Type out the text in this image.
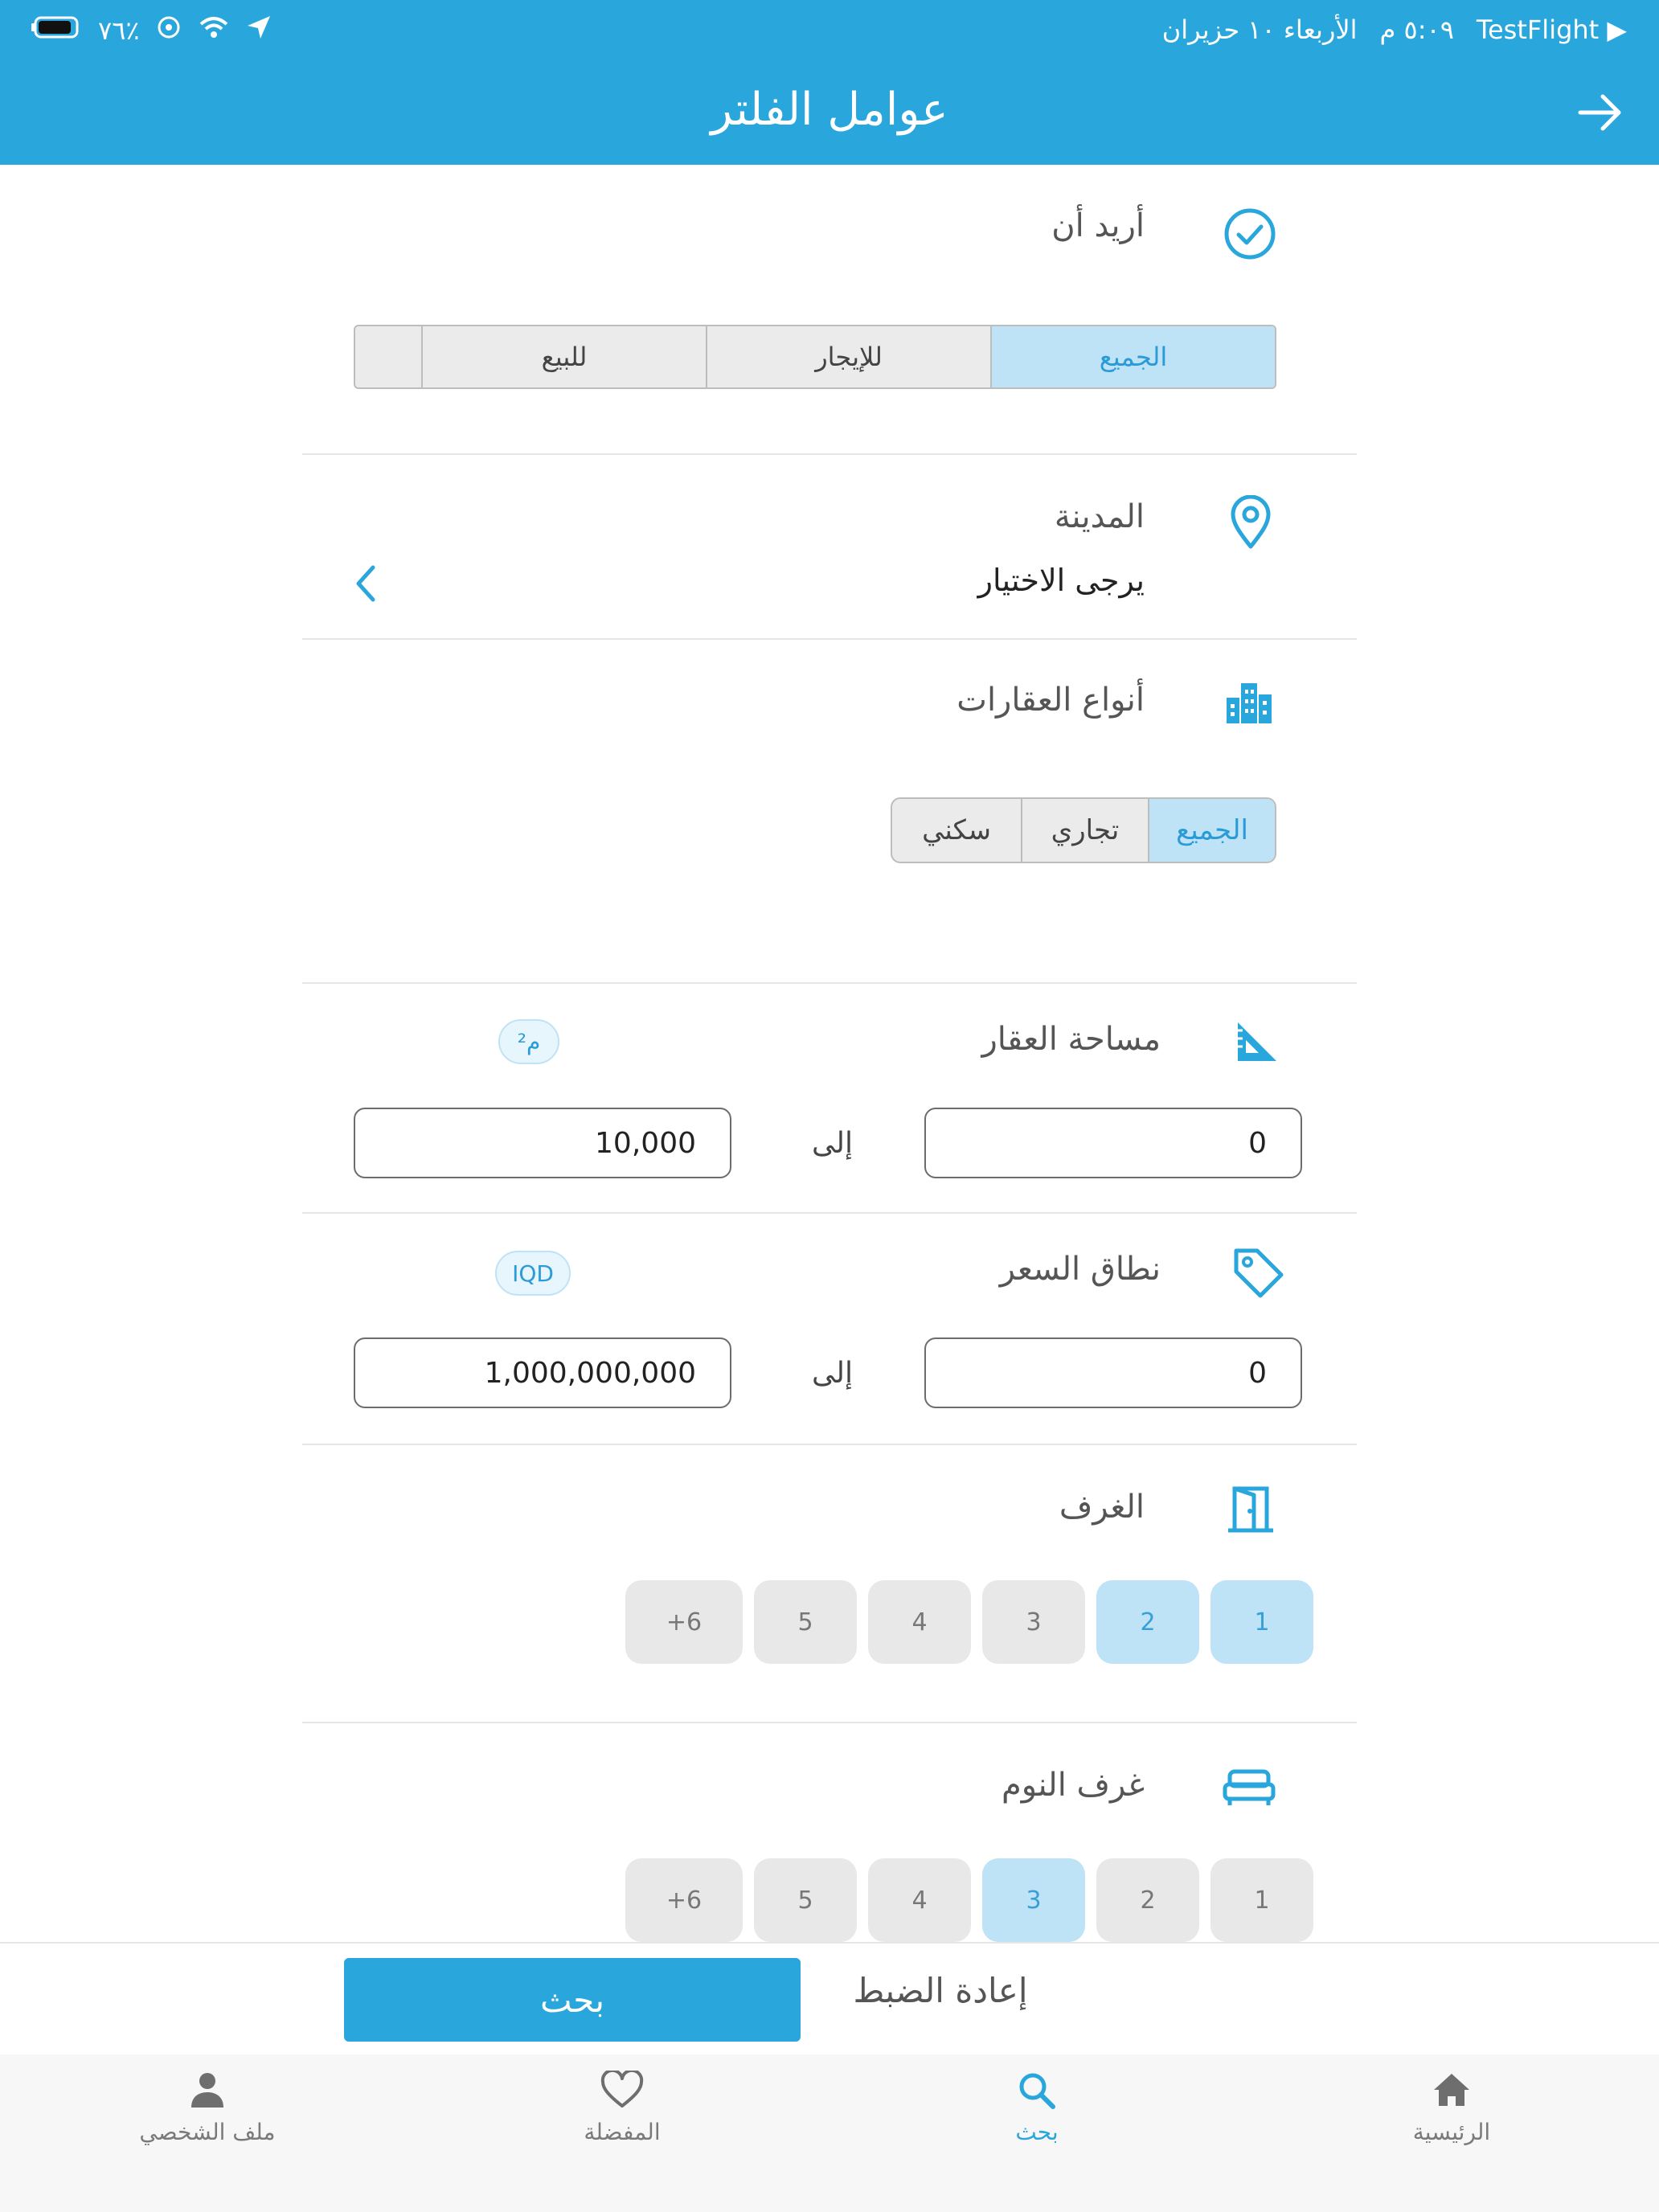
▶ TestFlight
٥:٠٩ م
الأربعاء ١٠ حزيران
٧٦٪
عوامل الفلتر
أريد أن
الجميع
للإيجار
للبيع
المدينة
يرجى الاختيار
أنواع العقارات
الجميع
تجاري
سكني
مساحة العقار
م²
0
إلى
10,000
نطاق السعر
IQD
0
إلى
1,000,000,000
الغرف
1
2
3
4
5
+6
غرف النوم
1
2
3
4
5
+6
بحث	إعادة الضبط
الرئيسية
بحث
المفضلة
ملف الشخصي
